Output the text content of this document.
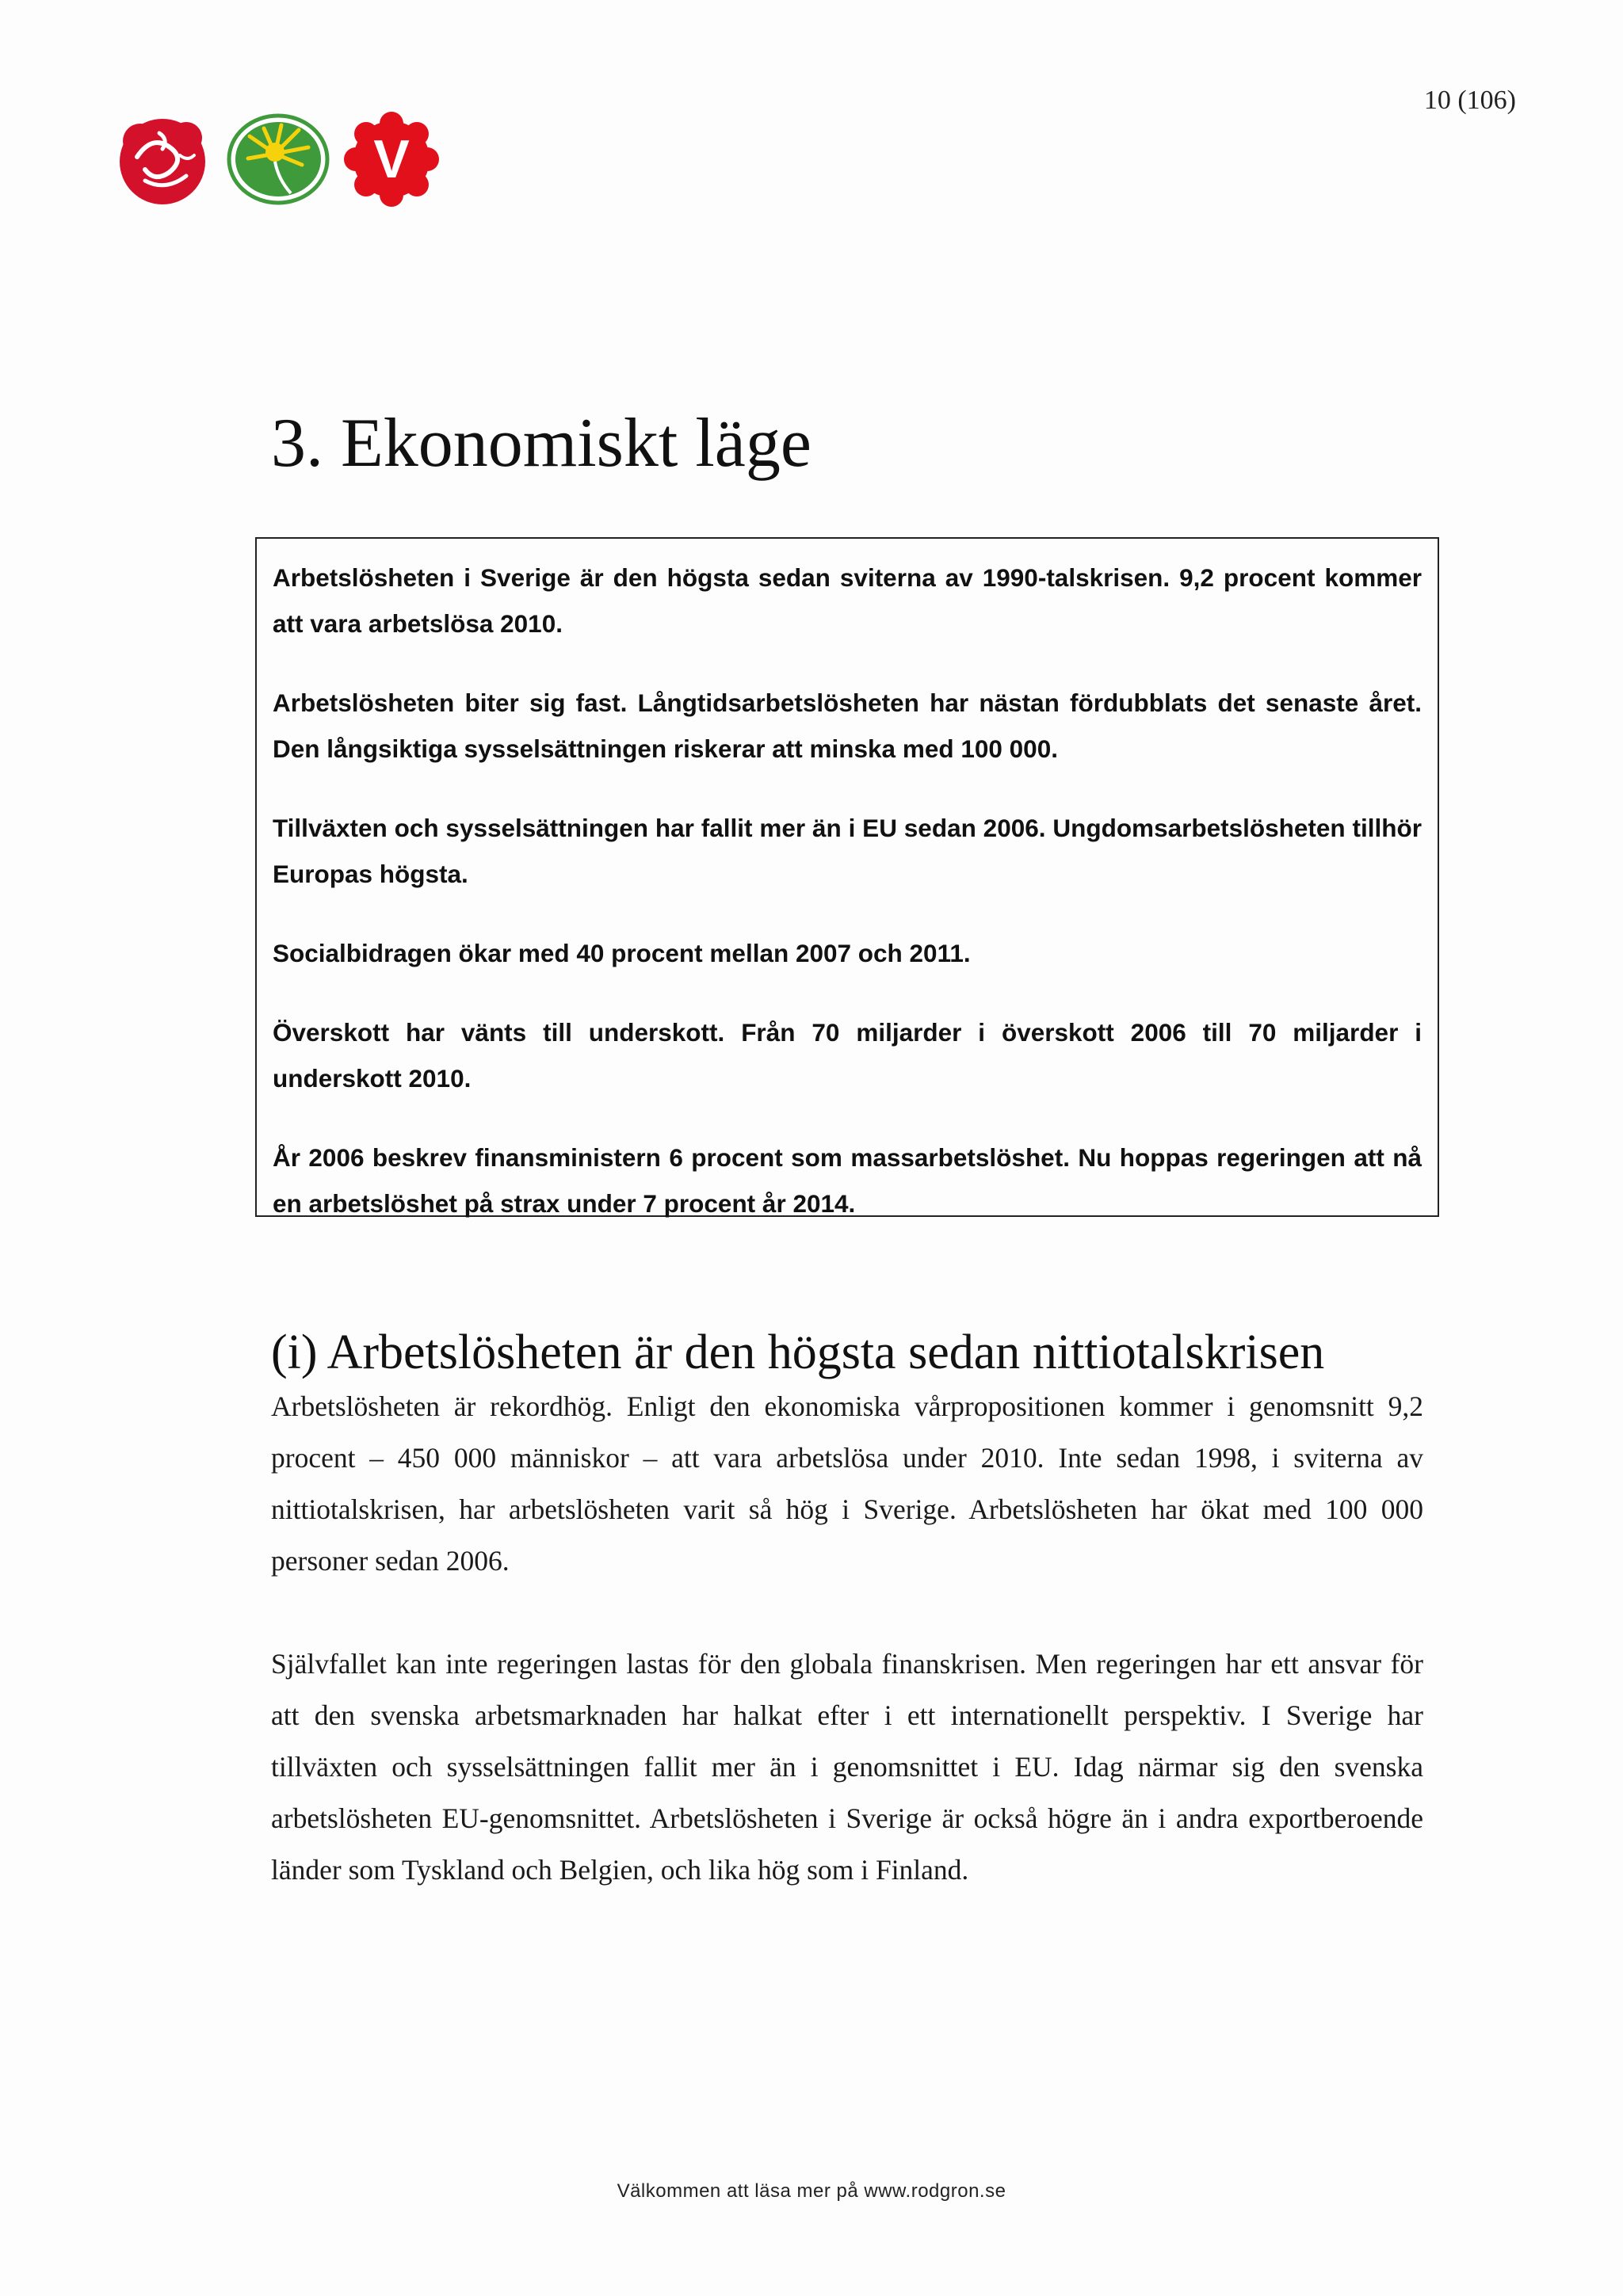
10 (106)
V
3. Ekonomiskt läge

Arbetslösheten i Sverige är den högsta sedan sviterna av 1990-talskrisen. 9,2 procent kommer att vara arbetslösa 2010.

Arbetslösheten biter sig fast. Långtidsarbetslösheten har nästan fördubblats det senaste året. Den långsiktiga sysselsättningen riskerar att minska med 100 000.

Tillväxten och sysselsättningen har fallit mer än i EU sedan 2006. Ungdomsarbetslösheten tillhör Europas högsta.

Socialbidragen ökar med 40 procent mellan 2007 och 2011.

Överskott har vänts till underskott. Från 70 miljarder i överskott 2006 till 70 miljarder i underskott 2010.

År 2006 beskrev finansministern 6 procent som massarbetslöshet. Nu hoppas regeringen att nå en arbetslöshet på strax under 7 procent år 2014.

(i) Arbetslösheten är den högsta sedan nittiotalskrisen

Arbetslösheten är rekordhög. Enligt den ekonomiska vårpropositionen kommer i genomsnitt 9,2 procent – 450 000 människor – att vara arbetslösa under 2010. Inte sedan 1998, i sviterna av nittiotalskrisen, har arbetslösheten varit så hög i Sverige. Arbetslösheten har ökat med 100 000 personer sedan 2006.

Självfallet kan inte regeringen lastas för den globala finanskrisen. Men regeringen har ett ansvar för att den svenska arbetsmarknaden har halkat efter i ett internationellt perspektiv. I Sverige har tillväxten och sysselsättningen fallit mer än i genomsnittet i EU. Idag närmar sig den svenska arbetslösheten EU-genomsnittet. Arbetslösheten i Sverige är också högre än i andra exportberoende länder som Tyskland och Belgien, och lika hög som i Finland.

Välkommen att läsa mer på www.rodgron.se
